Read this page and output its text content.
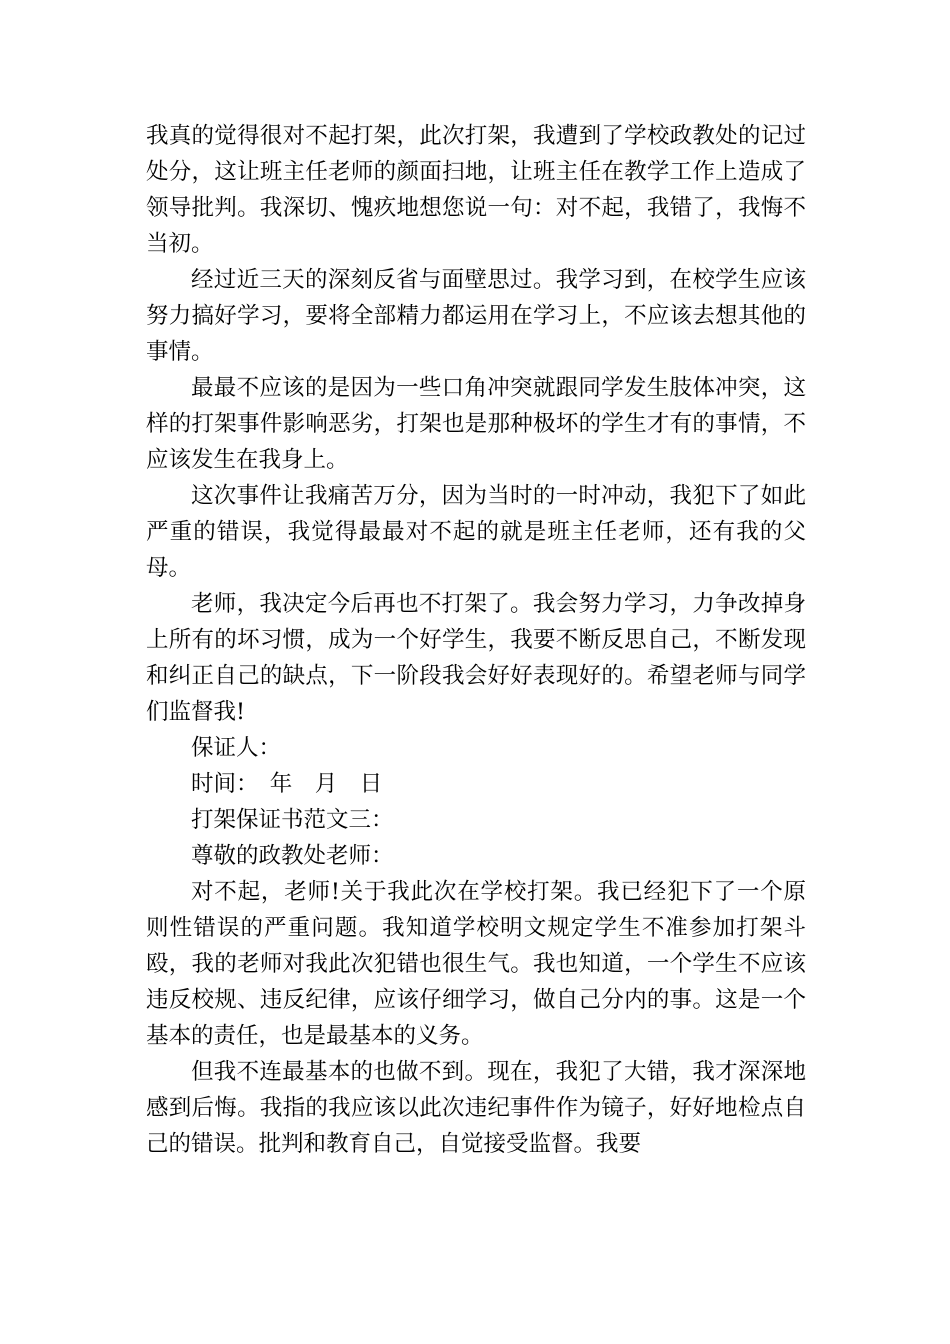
我真的觉得很对不起打架，此次打架，我遭到了学校政教处的记过处分，这让班主任老师的颜面扫地，让班主任在教学工作上造成了领导批判。我深切、愧疚地想您说一句：对不起，我错了，我悔不当初。

经过近三天的深刻反省与面壁思过。我学习到，在校学生应该努力搞好学习，要将全部精力都运用在学习上，不应该去想其他的事情。

最最不应该的是因为一些口角冲突就跟同学发生肢体冲突，这样的打架事件影响恶劣，打架也是那种极坏的学生才有的事情，不应该发生在我身上。

这次事件让我痛苦万分，因为当时的一时冲动，我犯下了如此严重的错误，我觉得最最对不起的就是班主任老师，还有我的父母。

老师，我决定今后再也不打架了。我会努力学习，力争改掉身上所有的坏习惯，成为一个好学生，我要不断反思自己，不断发现和纠正自己的缺点，下一阶段我会好好表现好的。希望老师与同学们监督我!

保证人：

时间：　年　月　日

打架保证书范文三：

尊敬的政教处老师：

对不起，老师!关于我此次在学校打架。我已经犯下了一个原则性错误的严重问题。我知道学校明文规定学生不准参加打架斗殴，我的老师对我此次犯错也很生气。我也知道，一个学生不应该违反校规、违反纪律，应该仔细学习，做自己分内的事。这是一个基本的责任，也是最基本的义务。

但我不连最基本的也做不到。现在，我犯了大错，我才深深地感到后悔。我指的我应该以此次违纪事件作为镜子，好好地检点自己的错误。批判和教育自己，自觉接受监督。我要
